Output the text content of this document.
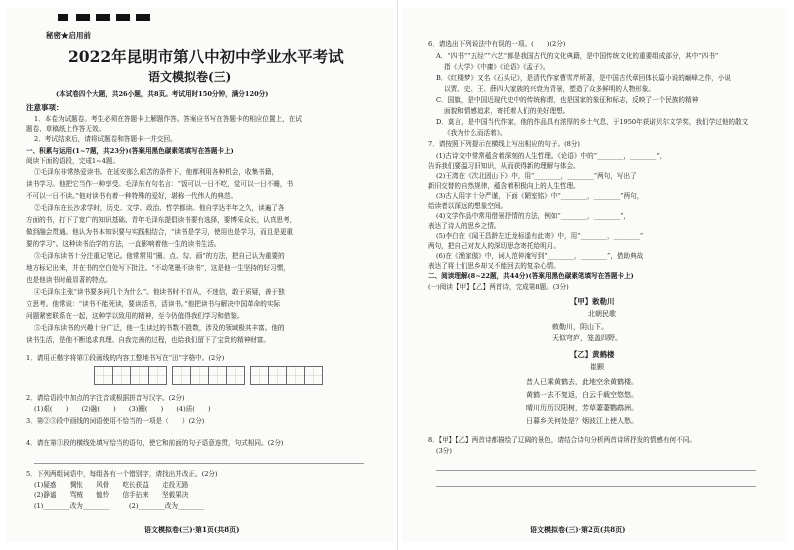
秘密★启用前
2022年昆明市第八中初中学业水平考试
语文模拟卷(三)
(本试卷四个大题，共26小题，共8页。考试用时150分钟，满分120分)
注意事项：
1．本卷为试题卷。考生必须在答题卡上解题作答。答案应书写在答题卡的相应位置上，在试
题卷、草稿纸上作答无效。
2．考试结束后，请将试题卷和答题卡一并交回。
一、积累与运用(1~7题，共23分)(答案用黑色碳素笔填写在答题卡上)
阅读下面的语段，完成1~4题。
1．请用正楷字将第①段画线的内容工整地书写在“田”字格中。(2分)
2．请给语段中加点的字注音或根据拼音写汉字。(2分)
(1)艰(　　)　　(2)融(　　)　　(3)圈(　　)　　(4)质(　　)
3．第②③段中画线的词语使用不恰当的一项是（　　）(2分)
4．请在第③段的横线处填写恰当的语句，使它和前面的句子语意连贯，句式相同。(2分)
5．下列两组词语中，每组各有一个错别字，请找出并改正。(2分)
(1)疑惑　　惆怅　　风骨　　吃长获益　　走投无路
(2)静谧　　骂贼　　恤怜　　信手拈来　　坚毅果决
(1)________改为________　　　(2)________改为________
语文模拟卷(三)·第1页(共8页)
①毛泽东非常热爱读书。在延安那么艰苦的条件下，他都利用各种机会，收集书籍，
读书学习。他把它当作一种享受。毛泽东有句名言：“饭可以一日不吃，觉可以一日不睡，书
不可以一日不读。”他对读书有着一种特殊的爱好，堪称一代伟人的典范。
②毛泽东在长沙求学时，历史、文学、政治、哲学都读。他自学达半年之久，读遍了各
方面的书，打下了宽广的知识基础。青年毛泽东提倡读书要有选择，要博采众长，认真思考，
做到融会贯通。他认为书本知识要与实践相结合，“读书是学习，使用也是学习，而且是更重
要的学习”。这种读书治学的方法，一直影响着他一生的读书生活。
③毛泽东读书十分注重记笔记。他常常用“圈、点、勾、画”的方法，把自己认为重要的
地方标记出来，并在书的空白处写下批注。“不动笔墨不读书”，这是他一生坚持的好习惯，
也是他读书时最显著的特点。
④毛泽东主张“读书要多问几个为什么”。他读书时不盲从，不迷信，敢于质疑，善于独
立思考。他常说：“读书不能死读，要读活书，活读书。”他把读书与解决中国革命的实际
问题紧密联系在一起，这种学以致用的精神，至今仍值得我们学习和借鉴。
⑤毛泽东读书的兴趣十分广泛，他一生读过的书数不胜数，涉及的领域极其丰富。他的
读书生活，是他不断追求真理、自我完善的过程，也给我们留下了宝贵的精神财富。
6．请选出下列说法中有误的一项。(　　)(2分)
7．请按照下列提示在横线上写出相应的句子。(8分)
二、阅读理解(8~22题，共44分)(答案用黑色碳素笔填写在答题卡上)
(一)阅读【甲】【乙】两首诗，完成第8题。(3分)
【甲】敕勒川
北朝民歌
敕勒川，阴山下。
天似穹庐，笼盖四野。
【乙】黄鹤楼
崔颢
昔人已乘黄鹤去，此地空余黄鹤楼。
黄鹤一去不复返，白云千载空悠悠。
晴川历历汉阳树，芳草萋萋鹦鹉洲。
日暮乡关何处是？烟波江上使人愁。
8．【甲】【乙】两首诗都描绘了辽阔的景色，请结合诗句分析两首诗所抒发的情感有何不同。
(3分)
语文模拟卷(三)·第2页(共8页)
A．“四书”“五经”“六艺”都是我国古代的文化典籍，是中国传统文化的重要组成部分，其中“四书”
指《大学》《中庸》《论语》《孟子》。
B．《红楼梦》又名《石头记》，是清代作家曹雪芹所著，是中国古代章回体长篇小说的巅峰之作，小说
以贾、史、王、薛四大家族的兴衰为背景，塑造了众多鲜明的人物形象。
C．国旗，是中国近现代史中的传统称谓，也是国家的象征和标志，反映了一个民族的精神
面貌和情感追求，寄托着人们的美好理想。
D．莫言，是中国当代作家，他的作品具有浓厚的乡土气息，于1950年获诺贝尔文学奖，我们学过他的散文
《我为什么而活着》。
(1)古诗文中常常蕴含着深刻的人生哲理。《论语》中的“________，________”，
告诉我们要温习旧知识，从而获得新的理解与体会。
(2)王湾在《次北固山下》中，用“________，________”两句，写出了
新旧交替的自然规律，蕴含着积极向上的人生哲理。
(3)古人用字十分严谨，下面《陋室铭》中“________，________”两句，
给读者以深远的想象空间。
(4)文学作品中常用借景抒情的方法，例如“________，________”，
表达了诗人的思乡之情。
(5)李白在《闻王昌龄左迁龙标遥有此寄》中，用“________，________”
两句，把自己对友人的深切思念寄托给明月。
(6)在《渔家傲》中，词人范仲淹写到“________，________”，借助典故
表达了将士们思乡却又不能回去的复杂心情。
